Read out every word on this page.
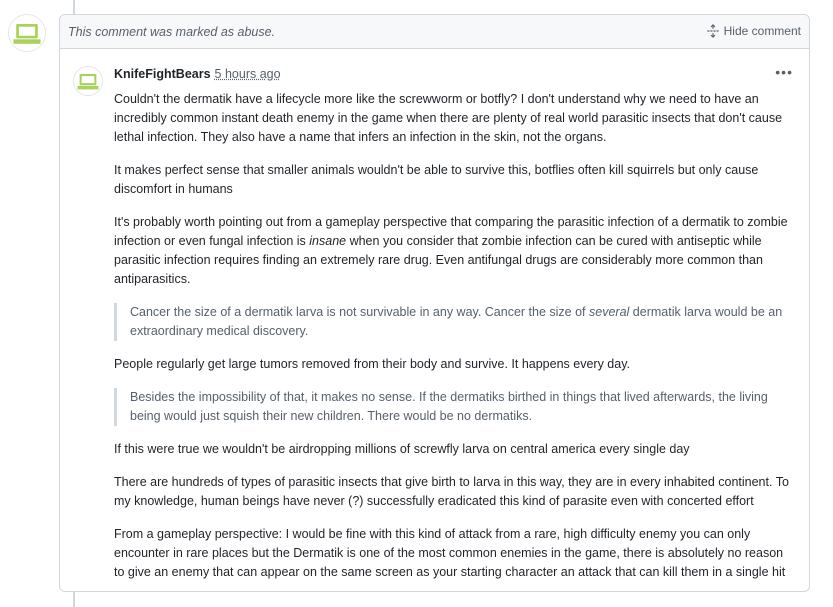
This comment was marked as abuse.	Hide comment
KnifeFightBears 5 hours ago	•••

Couldn't the dermatik have a lifecycle more like the screwworm or botfly? I don't understand why we need to have an incredibly common instant death enemy in the game when there are plenty of real world parasitic insects that don't cause lethal infection. They also have a name that infers an infection in the skin, not the organs.

It makes perfect sense that smaller animals wouldn't be able to survive this, botflies often kill squirrels but only cause discomfort in humans

It's probably worth pointing out from a gameplay perspective that comparing the parasitic infection of a dermatik to zombie infection or even fungal infection is insane when you consider that zombie infection can be cured with antiseptic while parasitic infection requires finding an extremely rare drug. Even antifungal drugs are considerably more common than antiparasitics.

Cancer the size of a dermatik larva is not survivable in any way. Cancer the size of several dermatik larva would be an extraordinary medical discovery.

People regularly get large tumors removed from their body and survive. It happens every day.

Besides the impossibility of that, it makes no sense. If the dermatiks birthed in things that lived afterwards, the living being would just squish their new children. There would be no dermatiks.

If this were true we wouldn't be airdropping millions of screwfly larva on central america every single day

There are hundreds of types of parasitic insects that give birth to larva in this way, they are in every inhabited continent. To my knowledge, human beings have never (?) successfully eradicated this kind of parasite even with concerted effort

From a gameplay perspective: I would be fine with this kind of attack from a rare, high difficulty enemy you can only encounter in rare places but the Dermatik is one of the most common enemies in the game, there is absolutely no reason to give an enemy that can appear on the same screen as your starting character an attack that can kill them in a single hit
